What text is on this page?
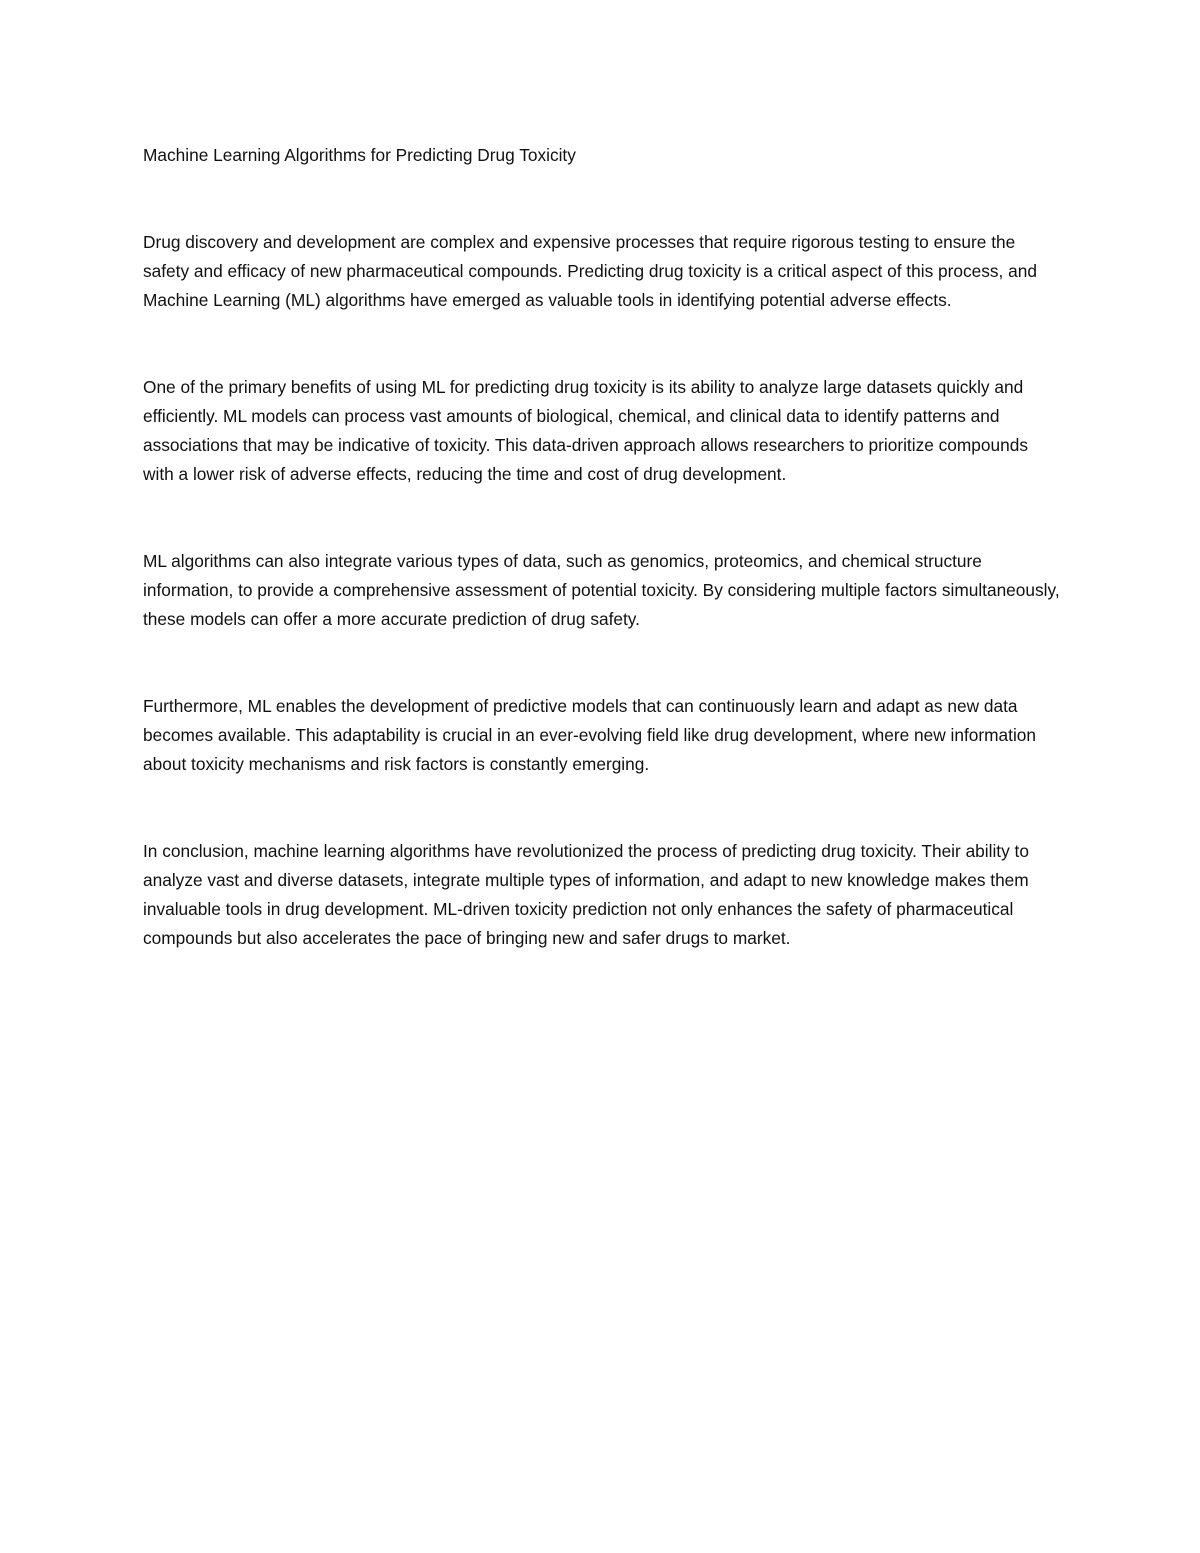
Machine Learning Algorithms for Predicting Drug Toxicity

Drug discovery and development are complex and expensive processes that require rigorous testing to ensure the safety and efficacy of new pharmaceutical compounds. Predicting drug toxicity is a critical aspect of this process, and Machine Learning (ML) algorithms have emerged as valuable tools in identifying potential adverse effects.

One of the primary benefits of using ML for predicting drug toxicity is its ability to analyze large datasets quickly and efficiently. ML models can process vast amounts of biological, chemical, and clinical data to identify patterns and associations that may be indicative of toxicity. This data-driven approach allows researchers to prioritize compounds with a lower risk of adverse effects, reducing the time and cost of drug development.

ML algorithms can also integrate various types of data, such as genomics, proteomics, and chemical structure information, to provide a comprehensive assessment of potential toxicity. By considering multiple factors simultaneously, these models can offer a more accurate prediction of drug safety.

Furthermore, ML enables the development of predictive models that can continuously learn and adapt as new data becomes available. This adaptability is crucial in an ever-evolving field like drug development, where new information about toxicity mechanisms and risk factors is constantly emerging.

In conclusion, machine learning algorithms have revolutionized the process of predicting drug toxicity. Their ability to analyze vast and diverse datasets, integrate multiple types of information, and adapt to new knowledge makes them invaluable tools in drug development. ML-driven toxicity prediction not only enhances the safety of pharmaceutical compounds but also accelerates the pace of bringing new and safer drugs to market.
